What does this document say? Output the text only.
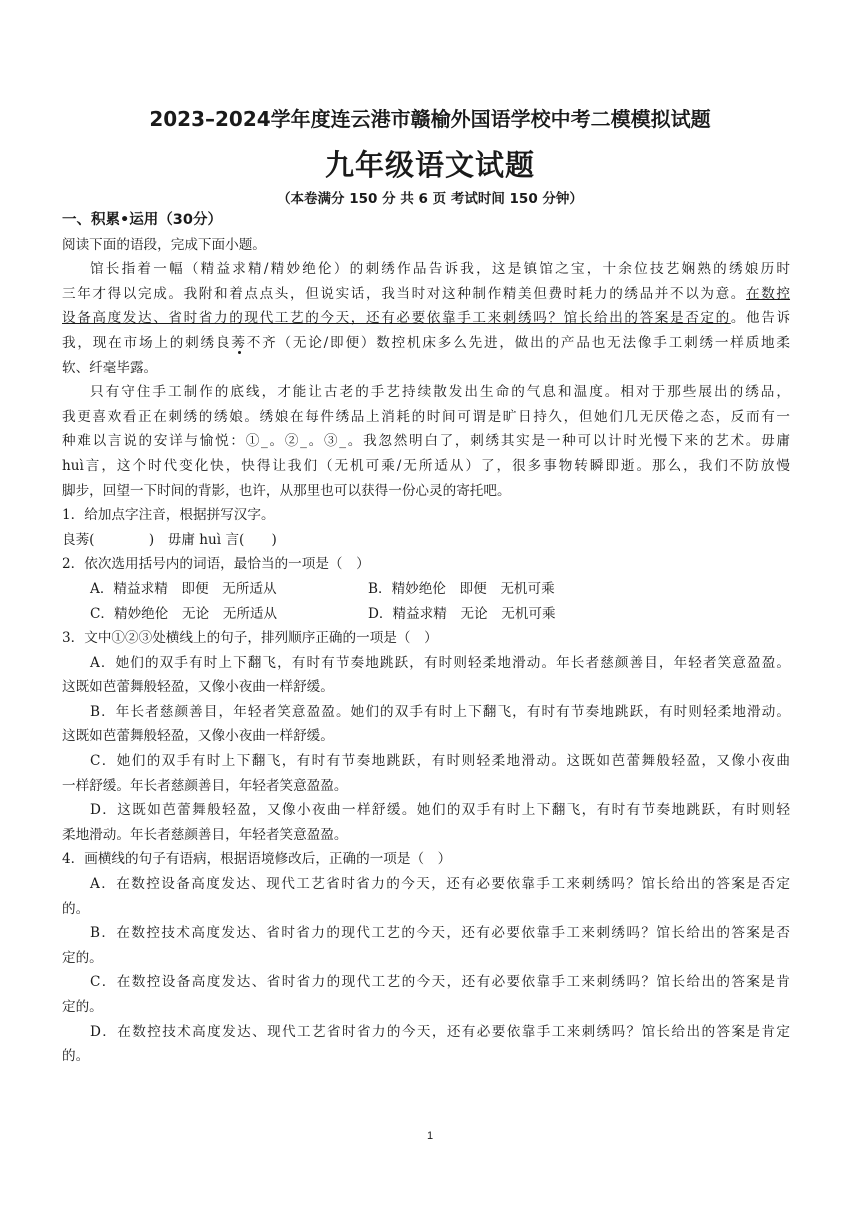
2023–2024学年度连云港市赣榆外国语学校中考二模模拟试题
九年级语文试题
（本卷满分 150 分 共 6 页 考试时间 150 分钟）
一、积累•运用（30分）
阅读下面的语段，完成下面小题。
馆长指着一幅（精益求精/精妙绝伦）的刺绣作品告诉我，这是镇馆之宝，十余位技艺娴熟的绣娘历时
三年才得以完成。我附和着点点头，但说实话，我当时对这种制作精美但费时耗力的绣品并不以为意。在数控
设备高度发达、省时省力的现代工艺的今天，还有必要依靠手工来刺绣吗？馆长给出的答案是否定的。他告诉
我，现在市场上的刺绣良莠不齐（无论/即便）数控机床多么先进，做出的产品也无法像手工刺绣一样质地柔
软、纤毫毕露。
只有守住手工制作的底线，才能让古老的手艺持续散发出生命的气息和温度。相对于那些展出的绣品，
我更喜欢看正在刺绣的绣娘。绣娘在每件绣品上消耗的时间可谓是旷日持久，但她们几无厌倦之态，反而有一
种难以言说的安详与愉悦：①_。②_。③_。我忽然明白了，刺绣其实是一种可以计时光慢下来的艺术。毋庸
huì言，这个时代变化快，快得让我们（无机可乘/无所适从）了，很多事物转瞬即逝。那么，我们不防放慢
脚步，回望一下时间的背影，也许，从那里也可以获得一份心灵的寄托吧。
1．给加点字注音，根据拼写汉字。
良莠(　　　　)　毋庸 huì 言(　　)
2．依次选用括号内的词语，最恰当的一项是（　）
A．精益求精　即便　无所适从	B．精妙绝伦　即便　无机可乘
C．精妙绝伦　无论　无所适从	D．精益求精　无论　无机可乘
3．文中①②③处横线上的句子，排列顺序正确的一项是（　）
A．她们的双手有时上下翻飞，有时有节奏地跳跃，有时则轻柔地滑动。年长者慈颜善目，年轻者笑意盈盈。
这既如芭蕾舞般轻盈，又像小夜曲一样舒缓。
B．年长者慈颜善目，年轻者笑意盈盈。她们的双手有时上下翻飞，有时有节奏地跳跃，有时则轻柔地滑动。
这既如芭蕾舞般轻盈，又像小夜曲一样舒缓。
C．她们的双手有时上下翻飞，有时有节奏地跳跃，有时则轻柔地滑动。这既如芭蕾舞般轻盈，又像小夜曲
一样舒缓。年长者慈颜善目，年轻者笑意盈盈。
D．这既如芭蕾舞般轻盈，又像小夜曲一样舒缓。她们的双手有时上下翻飞，有时有节奏地跳跃，有时则轻
柔地滑动。年长者慈颜善目，年轻者笑意盈盈。
4．画横线的句子有语病，根据语境修改后，正确的一项是（　）
A．在数控设备高度发达、现代工艺省时省力的今天，还有必要依靠手工来刺绣吗？馆长给出的答案是否定
的。
B．在数控技术高度发达、省时省力的现代工艺的今天，还有必要依靠手工来刺绣吗？馆长给出的答案是否
定的。
C．在数控设备高度发达、省时省力的现代工艺的今天，还有必要依靠手工来刺绣吗？馆长给出的答案是肯
定的。
D．在数控技术高度发达、现代工艺省时省力的今天，还有必要依靠手工来刺绣吗？馆长给出的答案是肯定
的。
1
